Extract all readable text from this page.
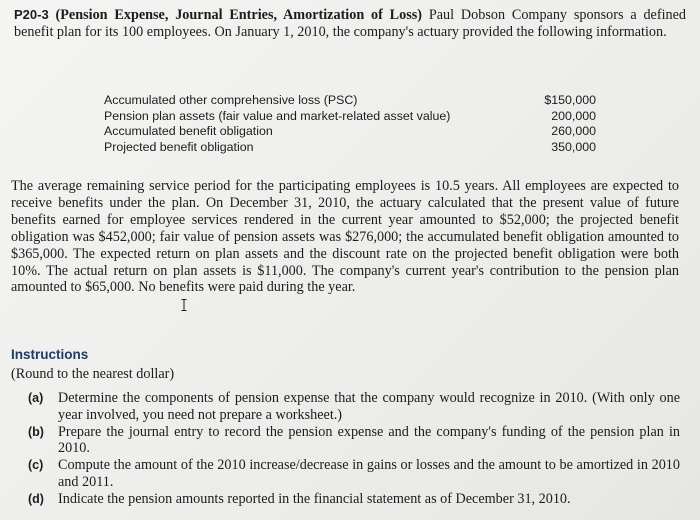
P20-3 (Pension Expense, Journal Entries, Amortization of Loss) Paul Dobson Company sponsors a defined benefit plan for its 100 employees. On January 1, 2010, the company's actuary provided the following information.
Accumulated other comprehensive loss (PSC)	$150,000
Pension plan assets (fair value and market-related asset value)	200,000
Accumulated benefit obligation	260,000
Projected benefit obligation	350,000

The average remaining service period for the participating employees is 10.5 years. All employees are expected to receive benefits under the plan. On December 31, 2010, the actuary calculated that the present value of future benefits earned for employee services rendered in the current year amounted to $52,000; the projected benefit obligation was $452,000; fair value of pension assets was $276,000; the accumulated benefit obligation amounted to $365,000. The expected return on plan assets and the discount rate on the projected benefit obligation were both 10%. The actual return on plan assets is $11,000. The company's current year's contribution to the pension plan amounted to $65,000. No benefits were paid during the year.

Instructions
(Round to the nearest dollar)
(a)	Determine the components of pension expense that the company would recognize in 2010. (With only one year involved, you need not prepare a worksheet.)
(b) Prepare the journal entry to record the pension expense and the company's funding of the pension plan in 2010.
(c)	Compute the amount of the 2010 increase/decrease in gains or losses and the amount to be amortized in 2010 and 2011.
(d) Indicate the pension amounts reported in the financial statement as of December 31, 2010.
